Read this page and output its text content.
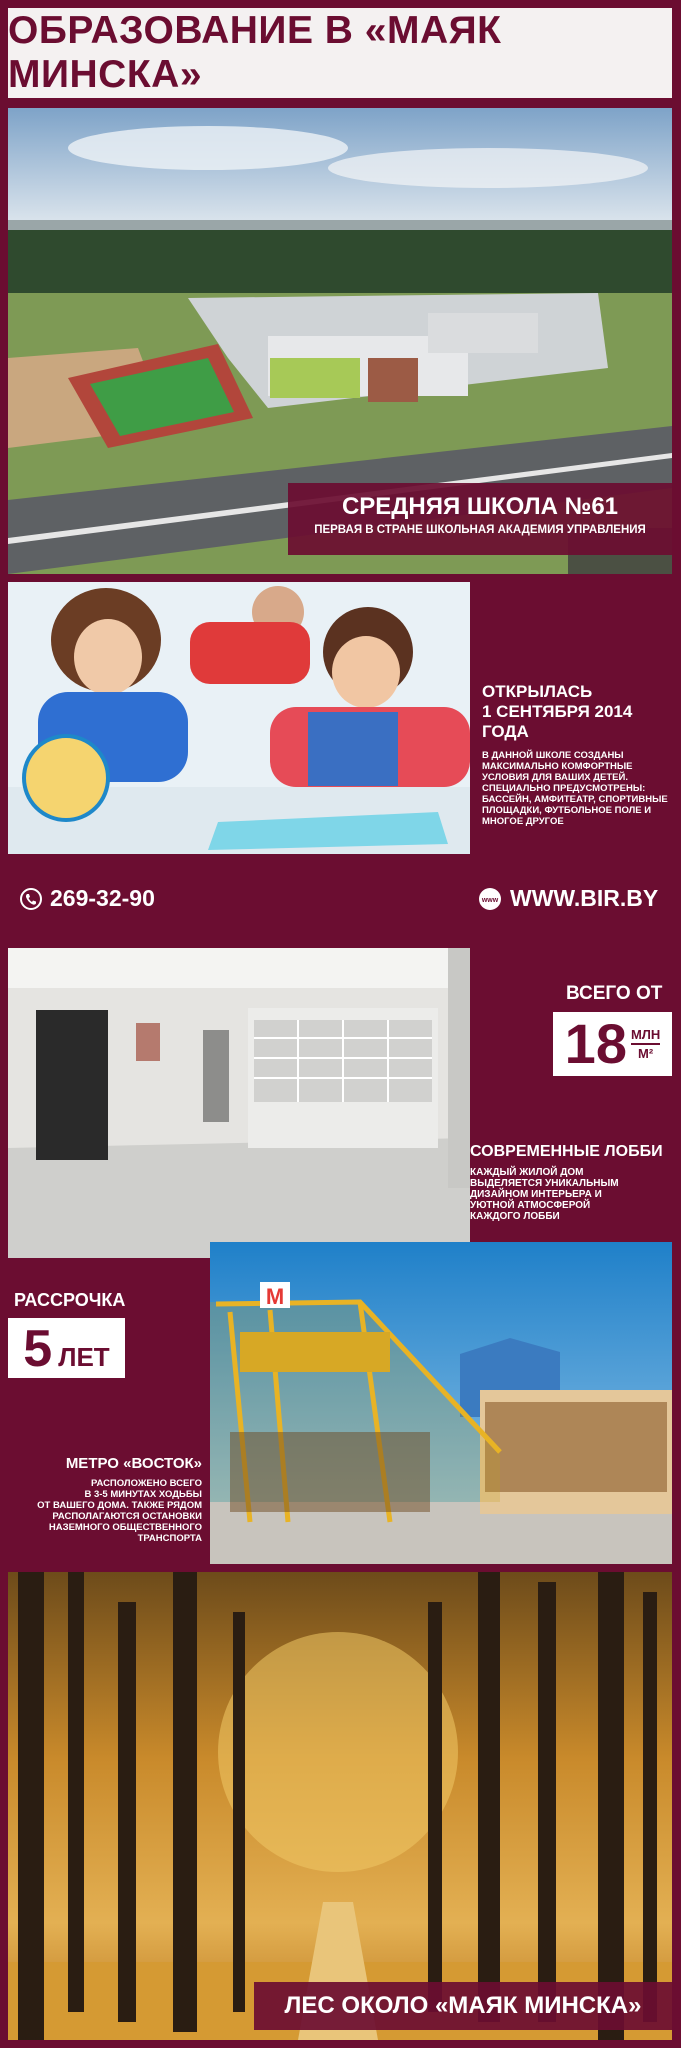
ОБРАЗОВАНИЕ В «МАЯК МИНСКА»
СРЕДНЯЯ ШКОЛА №61
ПЕРВАЯ В СТРАНЕ ШКОЛЬНАЯ АКАДЕМИЯ УПРАВЛЕНИЯ
ОТКРЫЛАСЬ
1 СЕНТЯБРЯ 2014 ГОДА
В ДАННОЙ ШКОЛЕ СОЗДАНЫ
МАКСИМАЛЬНО КОМФОРТНЫЕ
УСЛОВИЯ ДЛЯ ВАШИХ ДЕТЕЙ.
СПЕЦИАЛЬНО ПРЕДУСМОТРЕНЫ:
БАССЕЙН, АМФИТЕАТР, СПОРТИВНЫЕ
ПЛОЩАДКИ, ФУТБОЛЬНОЕ ПОЛЕ И
МНОГОЕ ДРУГОЕ
269-32-90	www WWW.BIR.BY
ВСЕГО ОТ
18 МЛН
М²
СОВРЕМЕННЫЕ ЛОББИ
КАЖДЫЙ ЖИЛОЙ ДОМ
ВЫДЕЛЯЕТСЯ УНИКАЛЬНЫМ
ДИЗАЙНОМ ИНТЕРЬЕРА И
УЮТНОЙ АТМОСФЕРОЙ
КАЖДОГО ЛОББИ
РАССРОЧКА
5 ЛЕТ
M
МЕТРО «ВОСТОК»
РАСПОЛОЖЕНО ВСЕГО
В 3-5 МИНУТАХ ХОДЬБЫ
ОТ ВАШЕГО ДОМА. ТАКЖЕ РЯДОМ
РАСПОЛАГАЮТСЯ ОСТАНОВКИ
НАЗЕМНОГО ОБЩЕСТВЕННОГО
ТРАНСПОРТА
ЛЕС ОКОЛО «МАЯК МИНСКА»
